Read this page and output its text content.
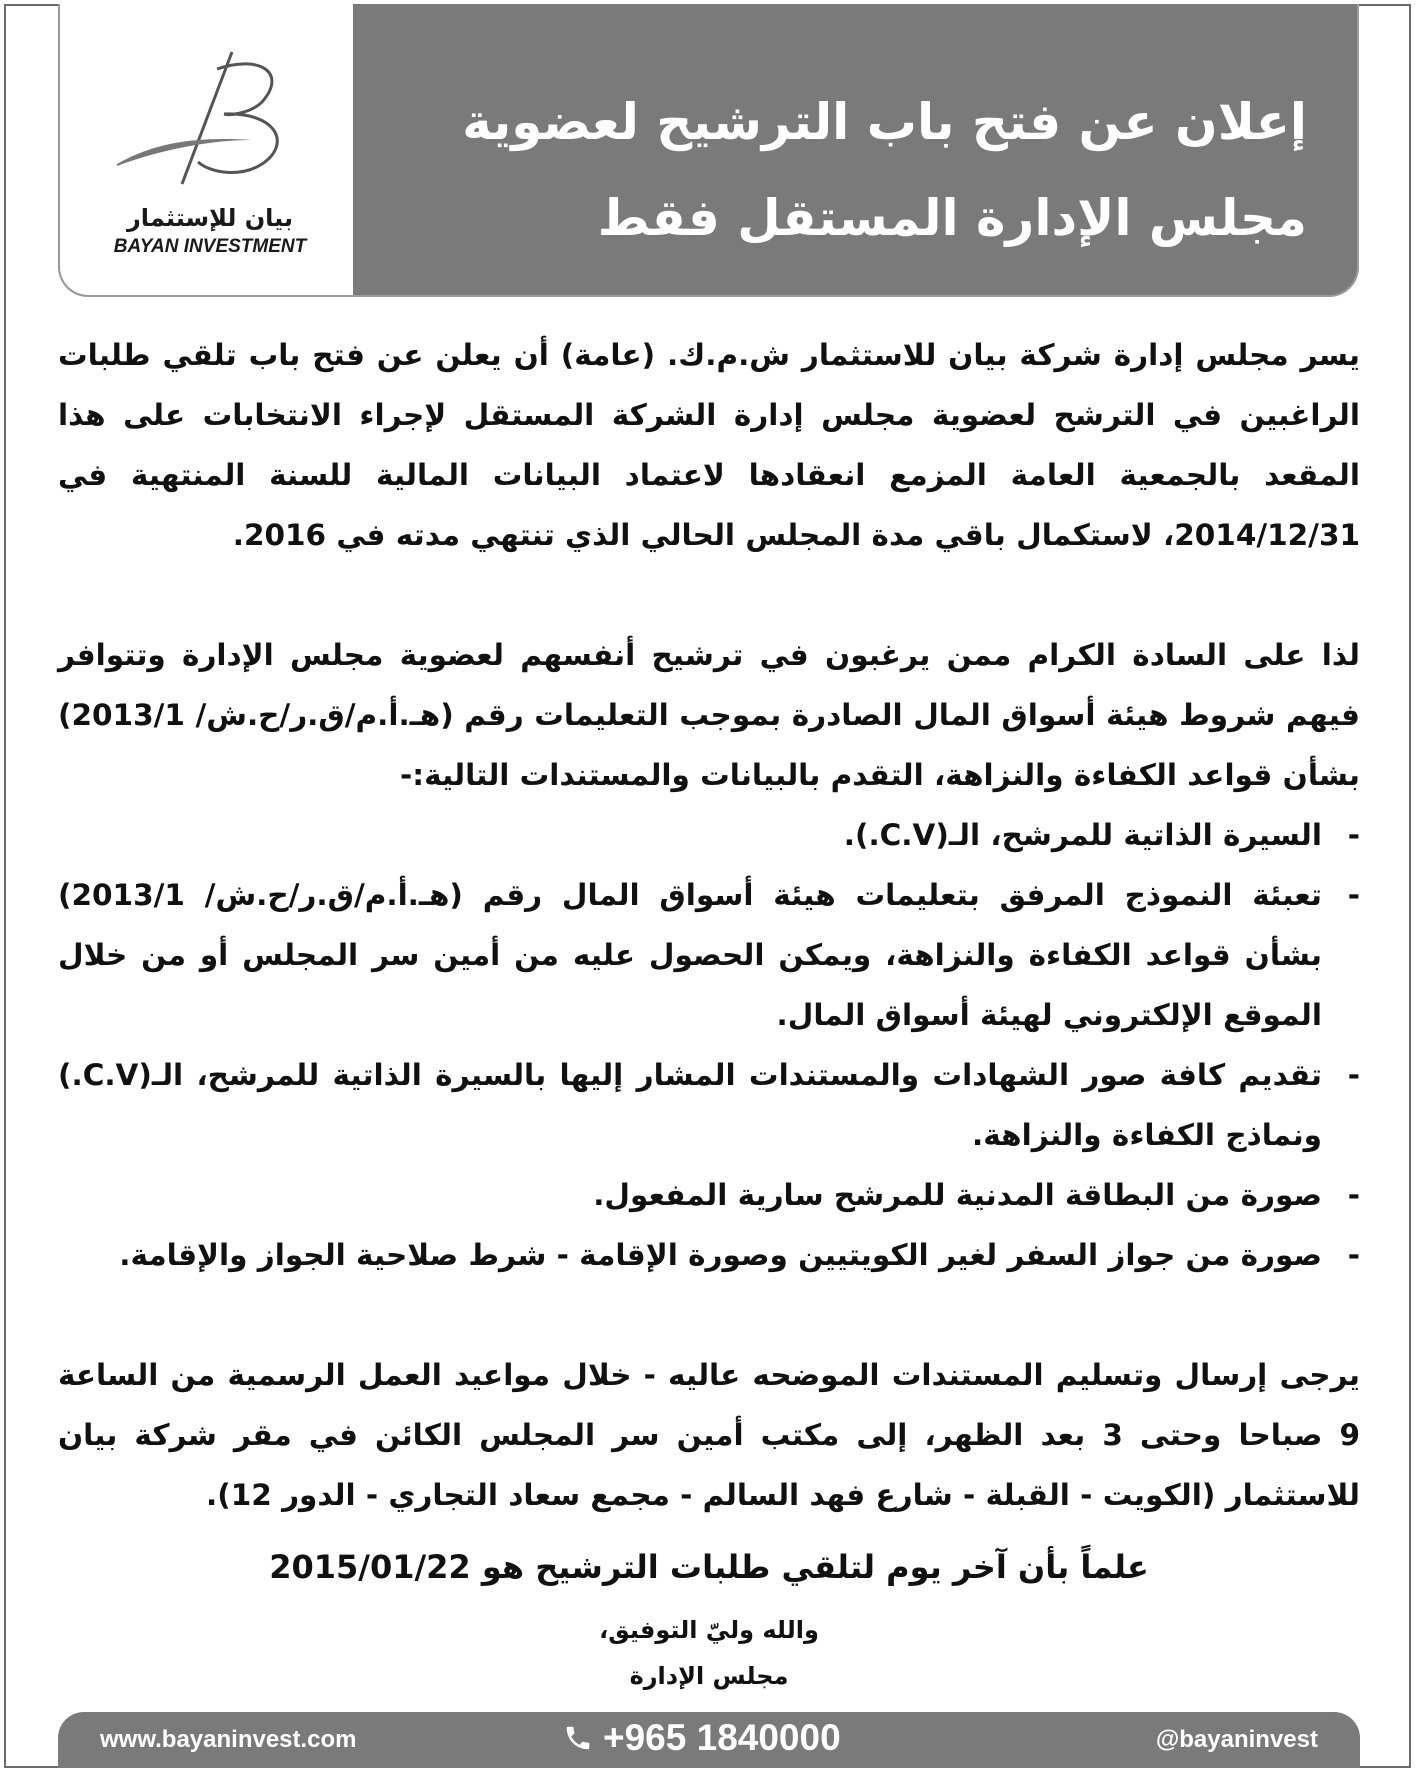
بيان للإستثمار
BAYAN INVESTMENT
إعلان عن فتح باب الترشيح لعضوية
مجلس الإدارة المستقل فقط

يسر مجلس إدارة شركة بيان للاستثمار ش.م.ك. (عامة) أن يعلن عن فتح باب تلقي طلبات الراغبين في الترشح لعضوية مجلس إدارة الشركة المستقل لإجراء الانتخابات على هذا المقعد بالجمعية العامة المزمع انعقادها لاعتماد البيانات المالية للسنة المنتهية في 2014/12/31، لاستكمال باقي مدة المجلس الحالي الذي تنتهي مدته في 2016.

لذا على السادة الكرام ممن يرغبون في ترشيح أنفسهم لعضوية مجلس الإدارة وتتوافر فيهم شروط هيئة أسواق المال الصادرة بموجب التعليمات رقم (هـ.أ.م/ق.ر/ح.ش/ 2013/1) بشأن قواعد الكفاءة والنزاهة، التقدم بالبيانات والمستندات التالية:-

-
السيرة الذاتية للمرشح، الـ(C.V.).
-
تعبئة النموذج المرفق بتعليمات هيئة أسواق المال رقم (هـ.أ.م/ق.ر/ح.ش/ 2013/1) بشأن قواعد الكفاءة والنزاهة، ويمكن الحصول عليه من أمين سر المجلس أو من خلال الموقع الإلكتروني لهيئة أسواق المال.
-
تقديم كافة صور الشهادات والمستندات المشار إليها بالسيرة الذاتية للمرشح، الـ(C.V.) ونماذج الكفاءة والنزاهة.
-
صورة من البطاقة المدنية للمرشح سارية المفعول.
-
صورة من جواز السفر لغير الكويتيين وصورة الإقامة - شرط صلاحية الجواز والإقامة.

يرجى إرسال وتسليم المستندات الموضحه عاليه - خلال مواعيد العمل الرسمية من الساعة 9 صباحا وحتى 3 بعد الظهر، إلى مكتب أمين سر المجلس الكائن في مقر شركة بيان للاستثمار (الكويت - القبلة - شارع فهد السالم - مجمع سعاد التجاري - الدور 12).

علماً بأن آخر يوم لتلقي طلبات الترشيح هو 2015/01/22

والله وليّ التوفيق،
مجلس الإدارة
www.bayaninvest.com	+965 1840000	@bayaninvest
